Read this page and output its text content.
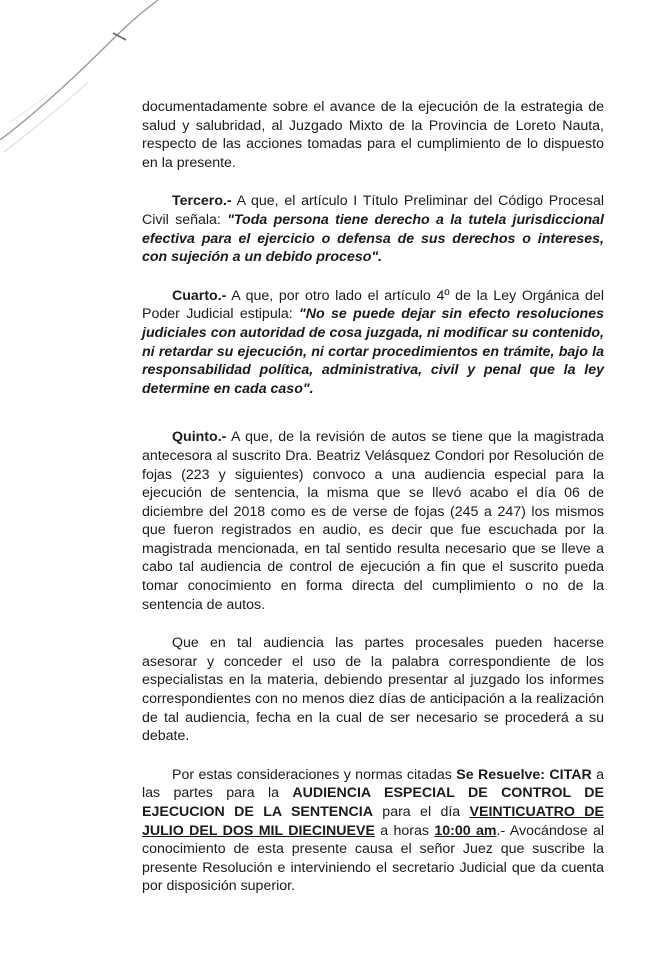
documentadamente sobre el avance de la ejecución de la estrategia de salud y salubridad, al Juzgado Mixto de la Provincia de Loreto Nauta, respecto de las acciones tomadas para el cumplimiento de lo dispuesto en la presente.

Tercero.- A que, el artículo I Título Preliminar del Código Procesal Civil señala: "Toda persona tiene derecho a la tutela jurisdiccional efectiva para el ejercicio o defensa de sus derechos o intereses, con sujeción a un debido proceso".

Cuarto.- A que, por otro lado el artículo 4º de la Ley Orgánica del Poder Judicial estipula: "No se puede dejar sin efecto resoluciones judiciales con autoridad de cosa juzgada, ni modificar su contenido, ni retardar su ejecución, ni cortar procedimientos en trámite, bajo la responsabilidad política, administrativa, civil y penal que la ley determine en cada caso".

Quinto.- A que, de la revisión de autos se tiene que la magistrada antecesora al suscrito Dra. Beatriz Velásquez Condori por Resolución de fojas (223 y siguientes) convoco a una audiencia especial para la ejecución de sentencia, la misma que se llevó acabo el día 06 de diciembre del 2018 como es de verse de fojas (245 a 247) los mismos que fueron registrados en audio, es decir que fue escuchada por la magistrada mencionada, en tal sentido resulta necesario que se lleve a cabo tal audiencia de control de ejecución a fin que el suscrito pueda tomar conocimiento en forma directa del cumplimiento o no de la sentencia de autos.

Que en tal audiencia las partes procesales pueden hacerse asesorar y conceder el uso de la palabra correspondiente de los especialistas en la materia, debiendo presentar al juzgado los informes correspondientes con no menos diez días de anticipación a la realización de tal audiencia, fecha en la cual de ser necesario se procederá a su debate.

Por estas consideraciones y normas citadas Se Resuelve: CITAR a las partes para la AUDIENCIA ESPECIAL DE CONTROL DE EJECUCION DE LA SENTENCIA para el día VEINTICUATRO DE JULIO DEL DOS MIL DIECINUEVE a horas 10:00 am.- Avocándose al conocimiento de esta presente causa el señor Juez que suscribe la presente Resolución e interviniendo el secretario Judicial que da cuenta por disposición superior.
